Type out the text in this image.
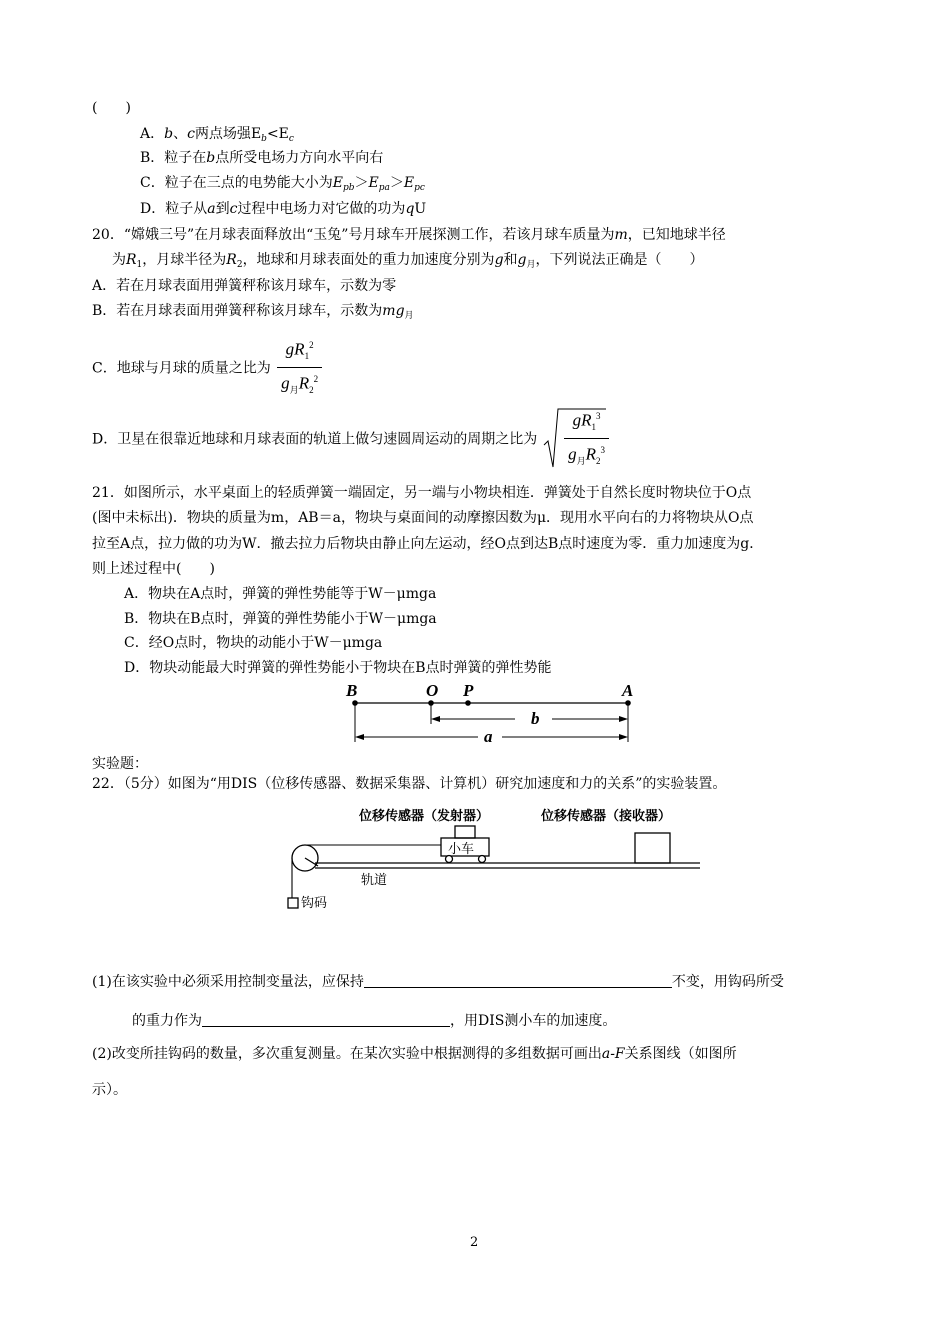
(　　)
A．b、c两点场强$E_b<E_c$
B．粒子在b点所受电场力方向水平向右
C．粒子在三点的电势能大小为$E_{pb}>E_{pa}>E_{pc}$
D．粒子从a到c过程中电场力对它做的功为qU
20．“嫦娥三号”在月球表面释放出“玉兔”号月球车开展探测工作，若该月球车质量为m，已知地球半径
为$R_1$，月球半径为$R_2$，地球和月球表面处的重力加速度分别为g和$g_月$，下列说法正确是（　　）
A．若在月球表面用弹簧秤称该月球车，示数为零
B．若在月球表面用弹簧秤称该月球车，示数为$mg_月$
C．地球与月球的质量之比为 $\frac{gR_1^2}{g_月R_2^2}$
D．卫星在很靠近地球和月球表面的轨道上做匀速圆周运动的周期之比为 $\frac{gR_1^3}{g_月R_2^3}$
21．如图所示，水平桌面上的轻质弹簧一端固定，另一端与小物块相连．弹簧处于自然长度时物块位于O点
(图中未标出)．物块的质量为m，AB＝a，物块与桌面间的动摩擦因数为μ．现用水平向右的力将物块从O点
拉至A点，拉力做的功为W．撤去拉力后物块由静止向左运动，经O点到达B点时速度为零．重力加速度为g．
则上述过程中(　　)
A．物块在A点时，弹簧的弹性势能等于W－μmga
B．物块在B点时，弹簧的弹性势能小于W－μmga
C．经O点时，物块的动能小于W－μmga
D．物块动能最大时弹簧的弹性势能小于物块在B点时弹簧的弹性势能
B	O P	A
b
a
实验题：
22．（5分）如图为“用DIS（位移传感器、数据采集器、计算机）研究加速度和力的关系”的实验装置。
位移传感器（发射器）	位移传感器（接收器）
小车
轨道
钩码
(1)在该实验中必须采用控制变量法，应保持	不变，用钩码所受
的重力作为	，用DIS测小车的加速度。
(2)改变所挂钩码的数量，多次重复测量。在某次实验中根据测得的多组数据可画出a-F关系图线（如图所
示）。
2
